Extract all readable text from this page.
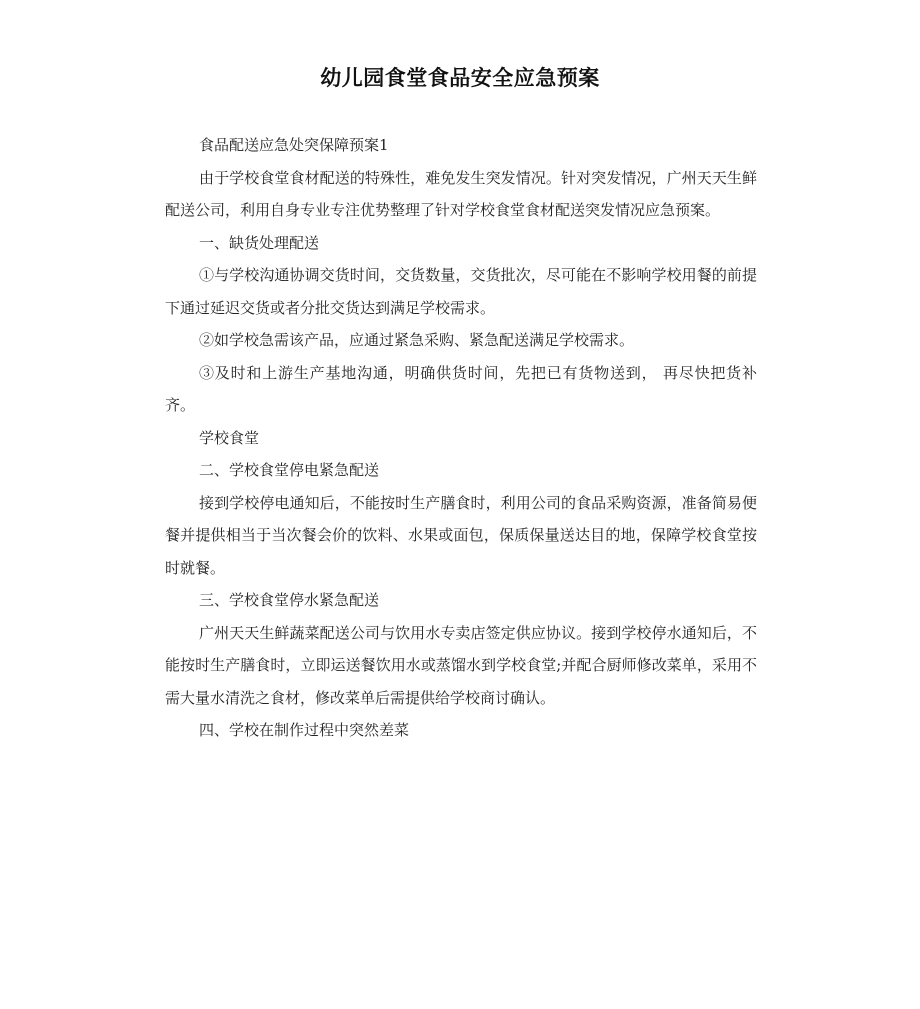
幼儿园食堂食品安全应急预案

食品配送应急处突保障预案1

由于学校食堂食材配送的特殊性，难免发生突发情况。针对突发情况，广州天天生鲜配送公司，利用自身专业专注优势整理了针对学校食堂食材配送突发情况应急预案。

一、缺货处理配送

①与学校沟通协调交货时间，交货数量，交货批次，尽可能在不影响学校用餐的前提下通过延迟交货或者分批交货达到满足学校需求。

②如学校急需该产品，应通过紧急采购、紧急配送满足学校需求。

③及时和上游生产基地沟通，明确供货时间，先把已有货物送到， 再尽快把货补齐。

学校食堂

二、学校食堂停电紧急配送

接到学校停电通知后，不能按时生产膳食时，利用公司的食品采购资源，准备简易便餐并提供相当于当次餐会价的饮料、水果或面包，保质保量送达目的地，保障学校食堂按时就餐。

三、学校食堂停水紧急配送

广州天天生鲜蔬菜配送公司与饮用水专卖店签定供应协议。接到学校停水通知后，不能按时生产膳食时，立即运送餐饮用水或蒸馏水到学校食堂;并配合厨师修改菜单，采用不需大量水清洗之食材，修改菜单后需提供给学校商讨确认。

四、学校在制作过程中突然差菜
